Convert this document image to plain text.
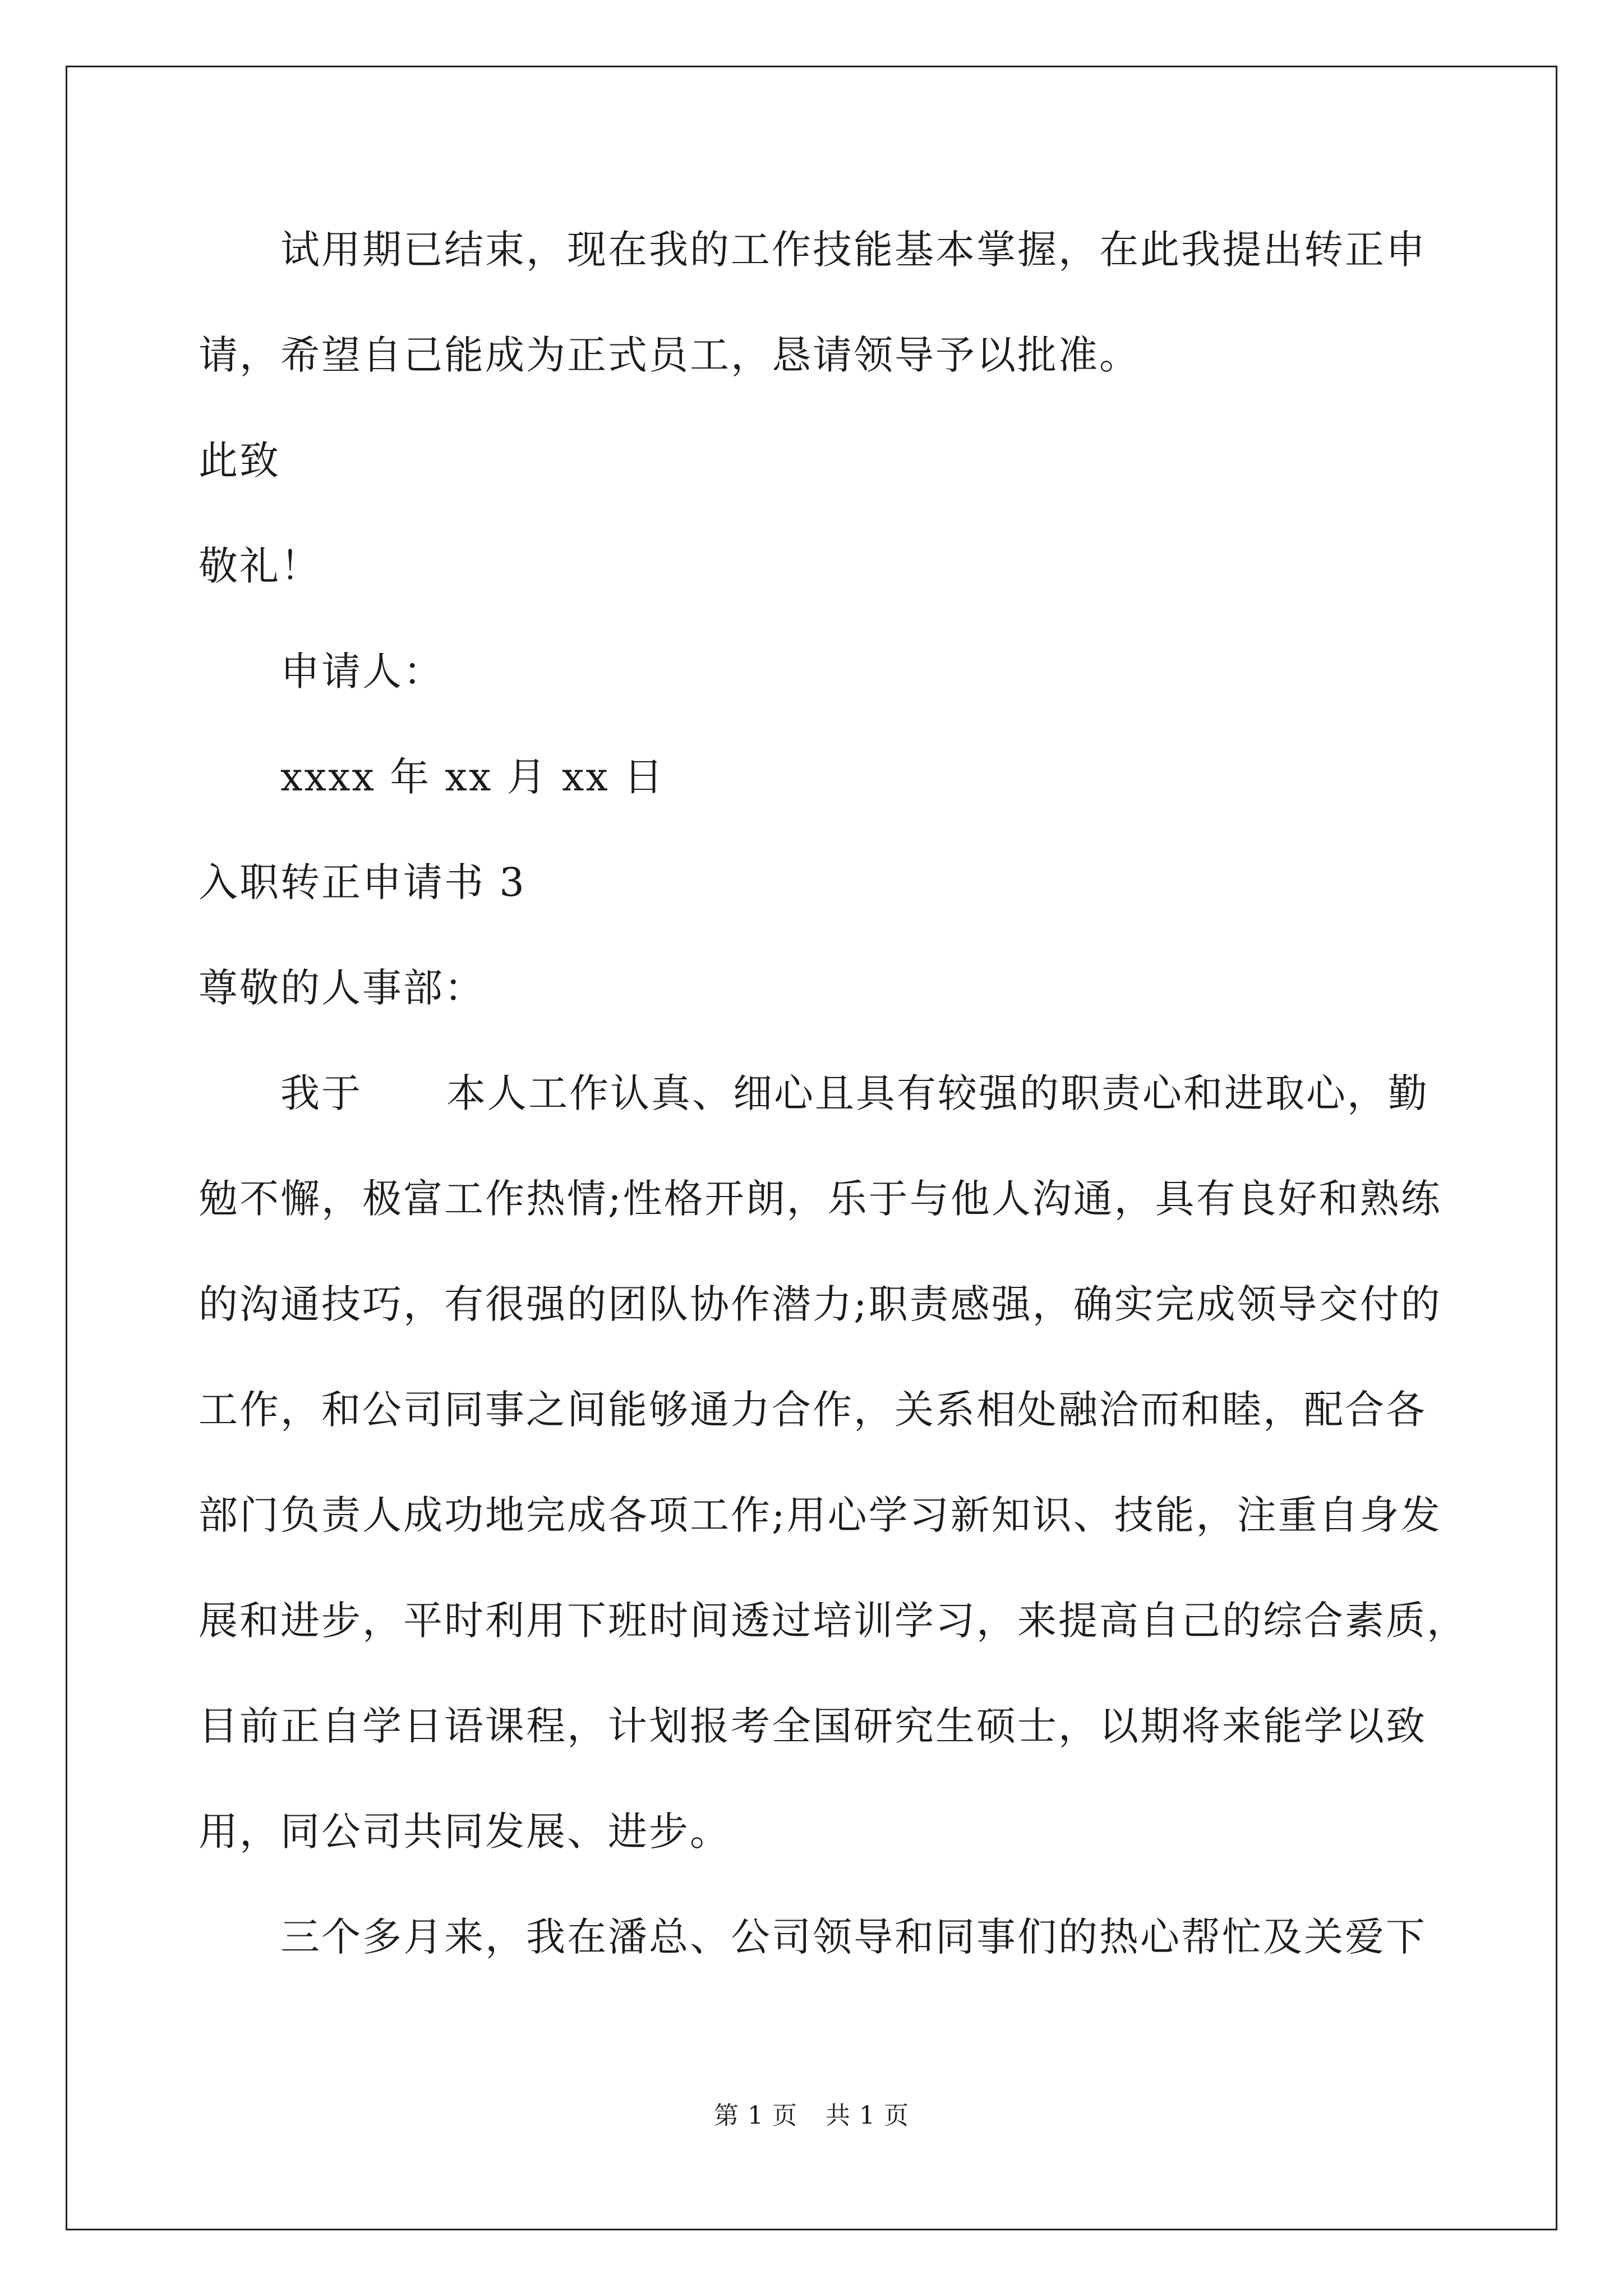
试用期已结束，现在我的工作技能基本掌握，在此我提出转正申
请，希望自己能成为正式员工，恳请领导予以批准。
此致
敬礼！
申请人：
xxxx 年 xx 月 xx 日
入职转正申请书 3
尊敬的人事部：
我于 本人工作认真、细心且具有较强的职责心和进取心，勤
勉不懈，极富工作热情;性格开朗，乐于与他人沟通，具有良好和熟练
的沟通技巧，有很强的团队协作潜力;职责感强，确实完成领导交付的
工作，和公司同事之间能够通力合作，关系相处融洽而和睦，配合各
部门负责人成功地完成各项工作;用心学习新知识、技能，注重自身发
展和进步，平时利用下班时间透过培训学习，来提高自己的综合素质，
目前正自学日语课程，计划报考全国研究生硕士，以期将来能学以致
用，同公司共同发展、进步。
三个多月来，我在潘总、公司领导和同事们的热心帮忙及关爱下
第 1 页 共 1 页
